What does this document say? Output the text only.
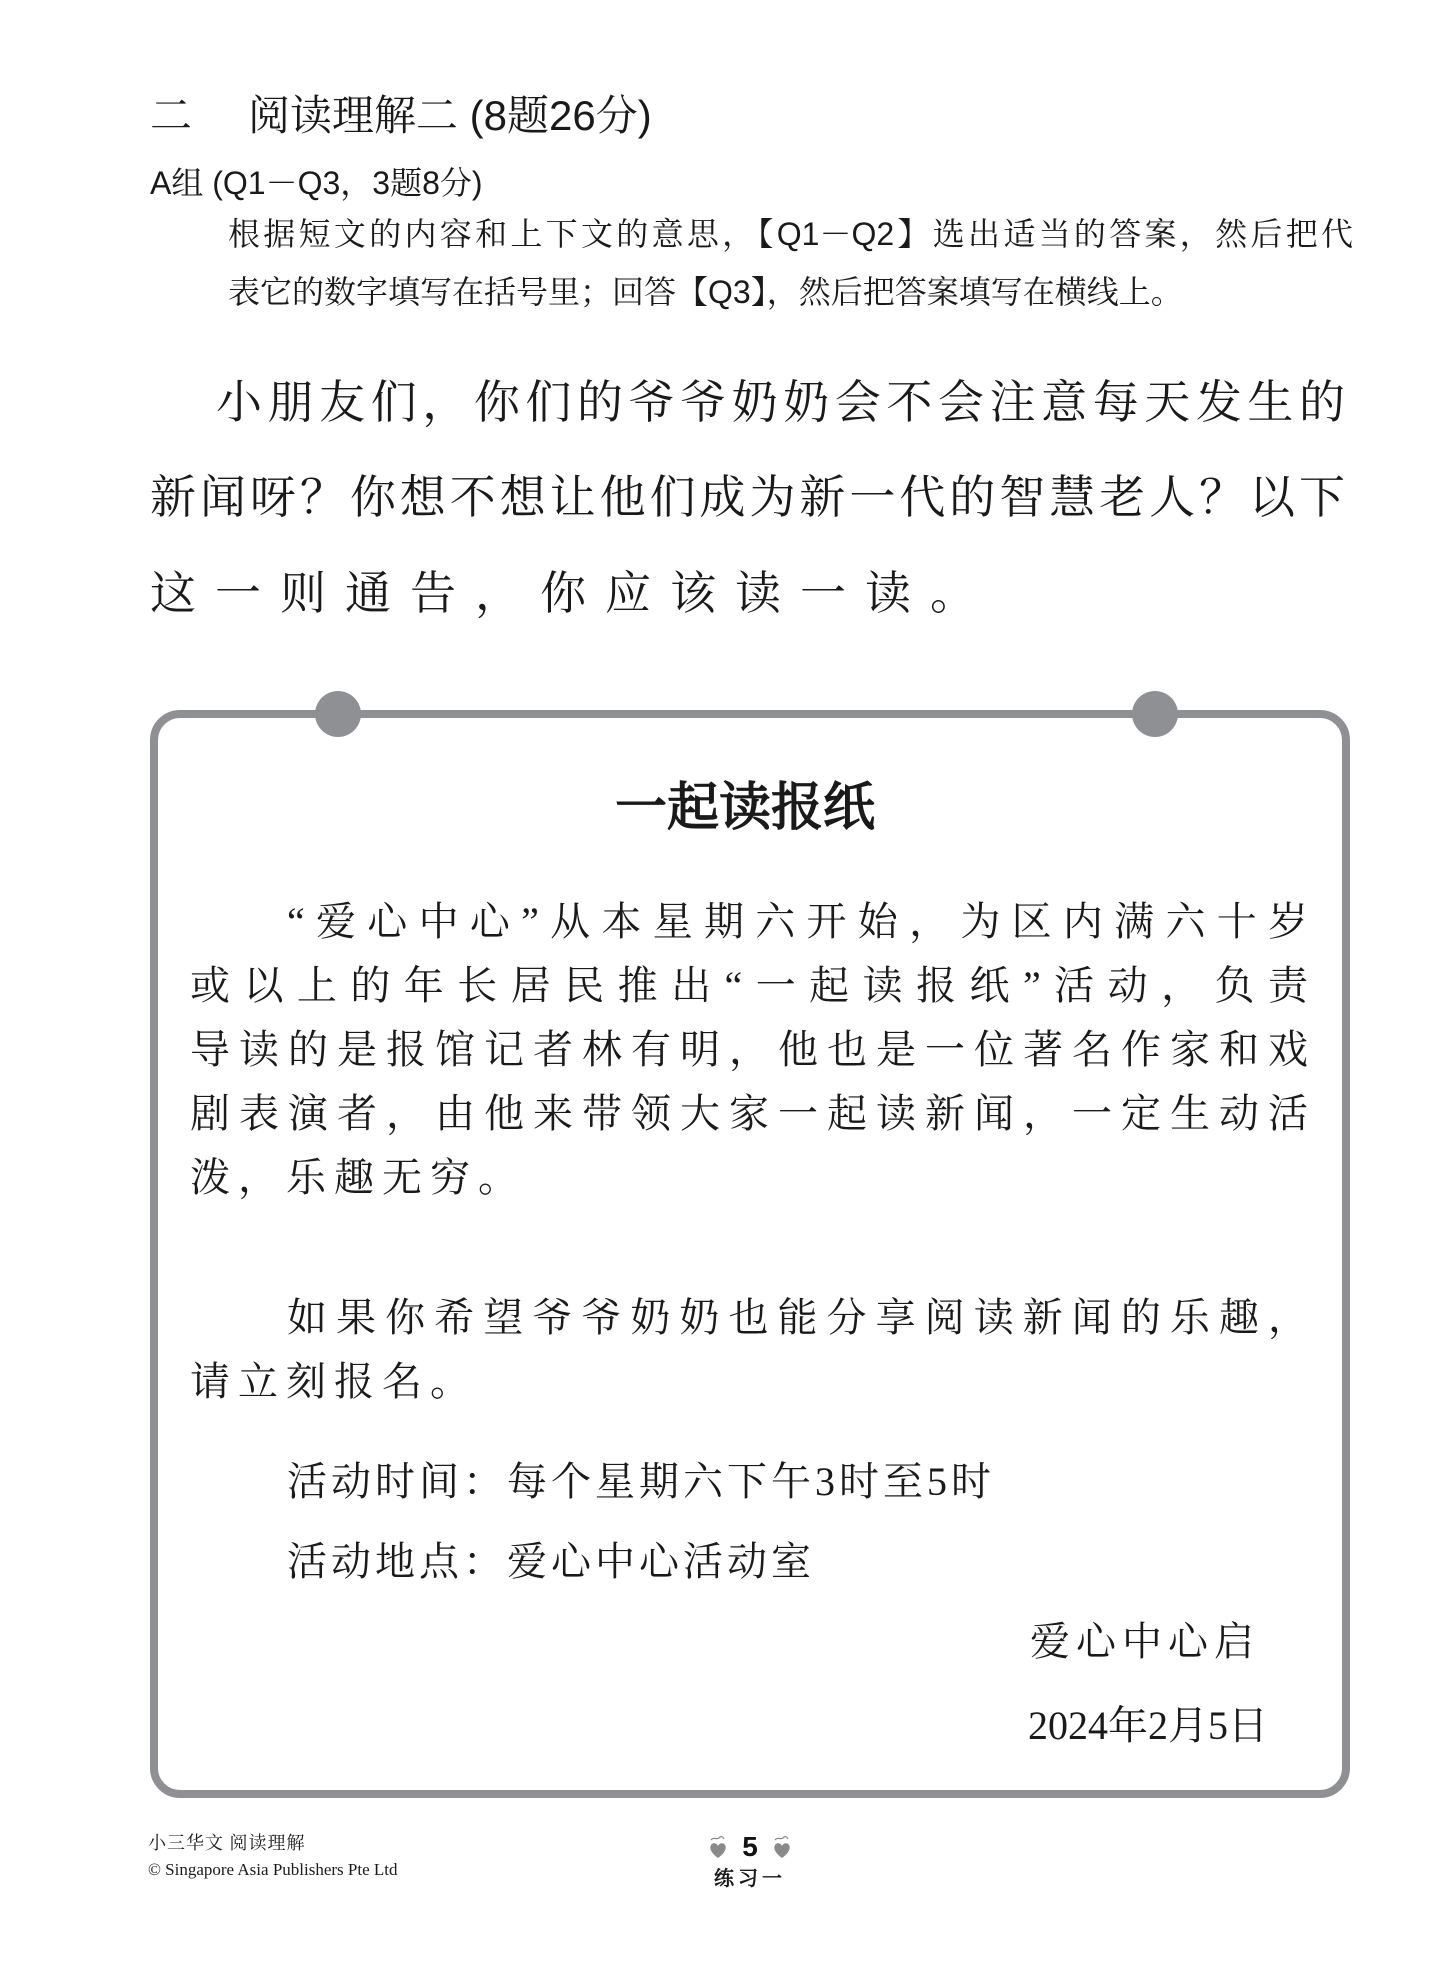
二 阅读理解二 (8题26分)
A组 (Q1－Q3，3题8分)
根据短文的内容和上下文的意思，【Q1－Q2】选出适当的答案，然后把代
表它的数字填写在括号里；回答【Q3】，然后把答案填写在横线上。
小朋友们，你们的爷爷奶奶会不会注意每天发生的
新闻呀？你想不想让他们成为新一代的智慧老人？以下
这一则通告，你应该读一读。
一起读报纸
“爱心中心”从本星期六开始，为区内满六十岁
或以上的年长居民推出“一起读报纸”活动，负责
导读的是报馆记者林有明，他也是一位著名作家和戏
剧表演者，由他来带领大家一起读新闻，一定生动活
泼，乐趣无穷。
如果你希望爷爷奶奶也能分享阅读新闻的乐趣，
请立刻报名。
活动时间：每个星期六下午3时至5时
活动地点：爱心中心活动室
爱心中心启
2024年2月5日
小三华文 阅读理解
© Singapore Asia Publishers Pte Ltd
5
练习一
